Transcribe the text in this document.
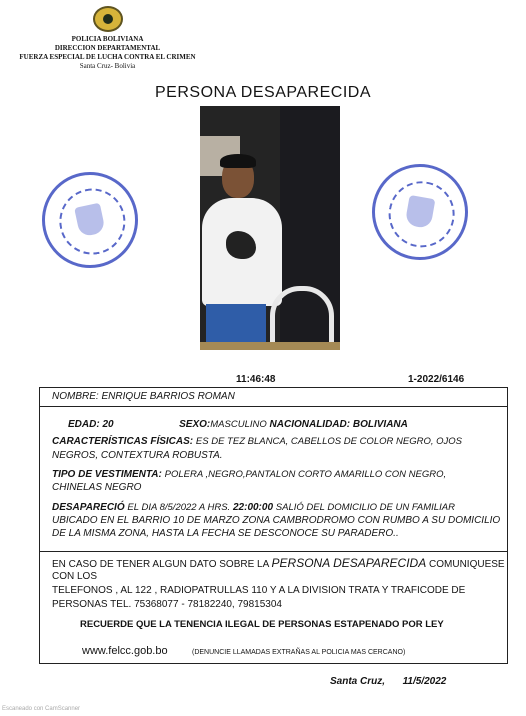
POLICIA BOLIVIANA
DIRECCION DEPARTAMENTAL
FUERZA ESPECIAL DE LUCHA CONTRA EL CRIMEN
Santa Cruz- Bolivia
PERSONA DESAPARECIDA
11:46:48	1-2022/6146
NOMBRE: ENRIQUE BARRIOS ROMAN
EDAD: 20	SEXO:MASCULINO NACIONALIDAD: BOLIVIANA
CARACTERÍSTICAS FÍSICAS: ES DE TEZ BLANCA, CABELLOS DE COLOR NEGRO, OJOS
NEGROS, CONTEXTURA ROBUSTA.
TIPO DE VESTIMENTA: POLERA ,NEGRO,PANTALON CORTO AMARILLO CON NEGRO,
CHINELAS NEGRO
DESAPARECIÓ EL DIA 8/5/2022 A HRS. 22:00:00 SALIÓ DEL DOMICILIO DE UN FAMILIAR
UBICADO EN EL BARRIO 10 DE MARZO ZONA CAMBRODROMO CON RUMBO A SU DOMICILIO
DE LA MISMA ZONA, HASTA LA FECHA SE DESCONOCE SU PARADERO..
EN CASO DE TENER ALGUN DATO SOBRE LA PERSONA DESAPARECIDA COMUNIQUESE
CON LOS
TELEFONOS , AL 122 , RADIOPATRULLAS 110 Y A LA DIVISION TRATA Y TRAFICODE DE
PERSONAS TEL. 75368077 - 78182240, 79815304
RECUERDE QUE LA TENENCIA ILEGAL DE PERSONAS ESTAPENADO POR LEY
www.felcc.gob.bo	(DENUNCIE LLAMADAS EXTRAÑAS AL POLICIA MAS CERCANO)
Santa Cruz, 11/5/2022
Escaneado con CamScanner
